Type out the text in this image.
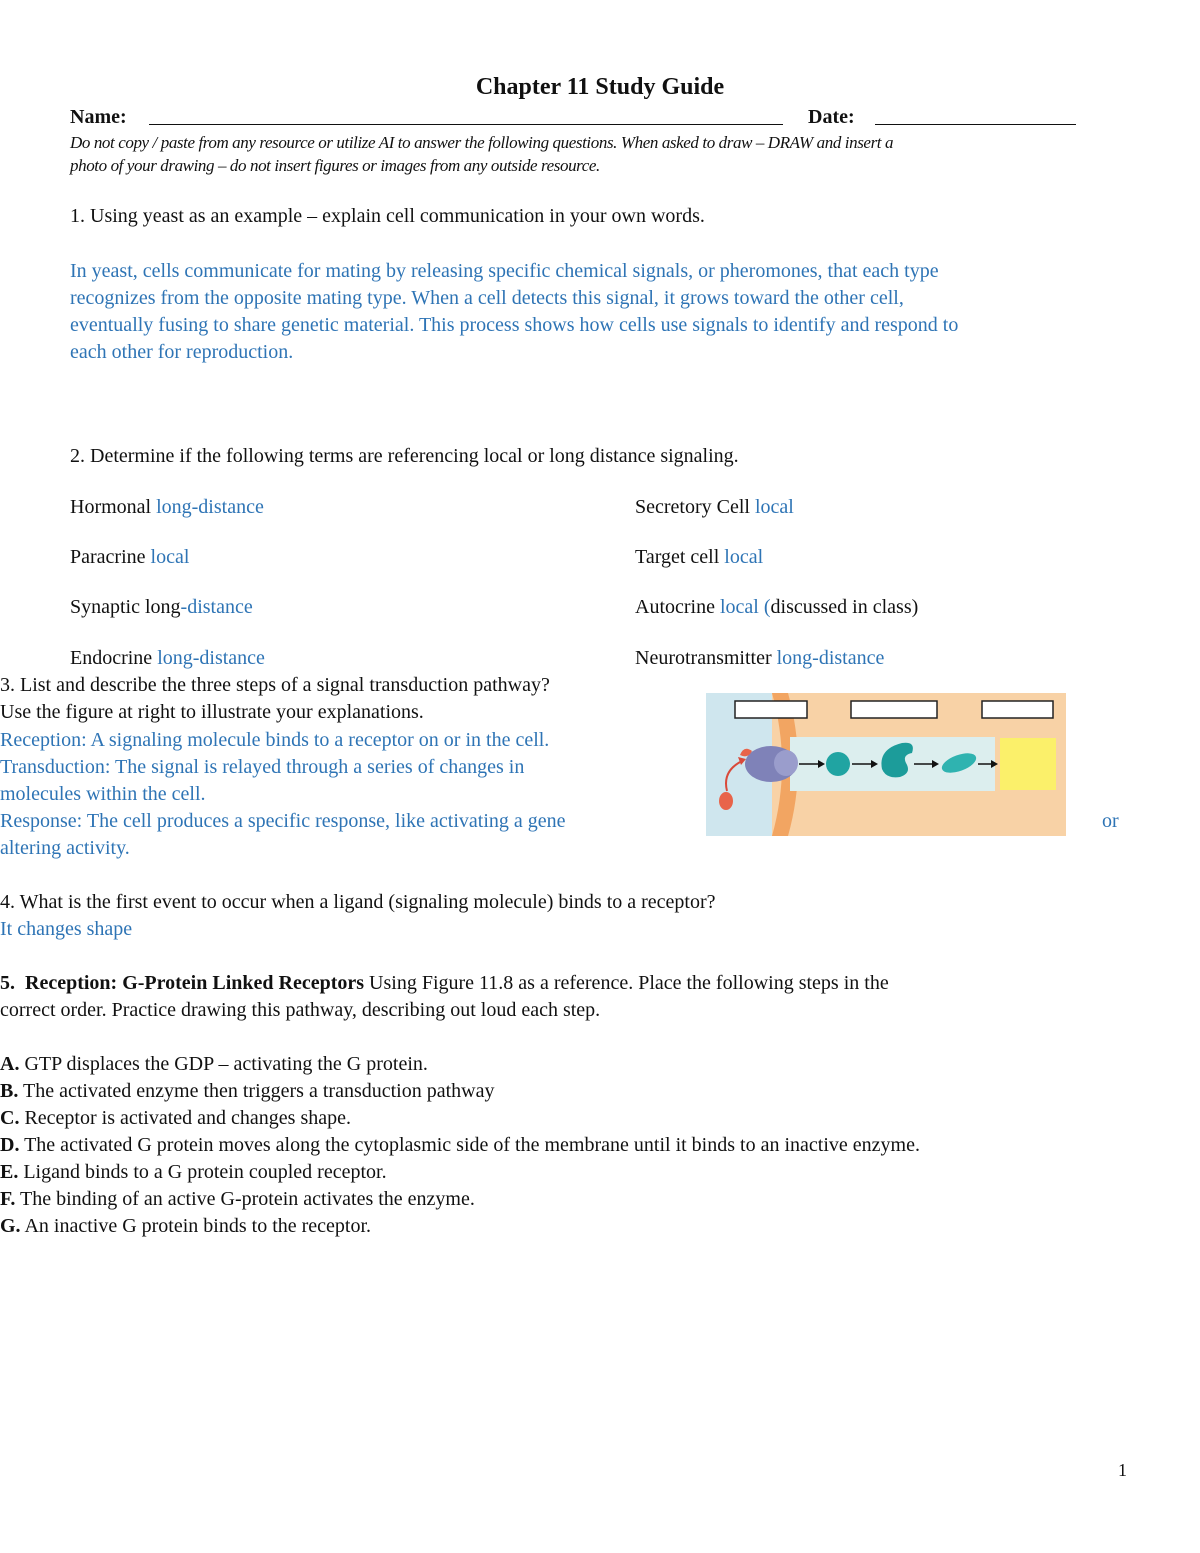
Chapter 11 Study Guide
Name:	Date:
Do not copy / paste from any resource or utilize AI to answer the following questions. When asked to draw – DRAW and insert a
photo of your drawing – do not insert figures or images from any outside resource.
1. Using yeast as an example – explain cell communication in your own words.
In yeast, cells communicate for mating by releasing specific chemical signals, or pheromones, that each type
recognizes from the opposite mating type. When a cell detects this signal, it grows toward the other cell,
eventually fusing to share genetic material. This process shows how cells use signals to identify and respond to
each other for reproduction.
2. Determine if the following terms are referencing local or long distance signaling.
Hormonal long-distance	Secretory Cell local
Paracrine local	Target cell local
Synaptic long-distance	Autocrine local (discussed in class)
Endocrine long-distance	Neurotransmitter long-distance
3. List and describe the three steps of a signal transduction pathway?
Use the figure at right to illustrate your explanations.
Reception: A signaling molecule binds to a receptor on or in the cell.
Transduction: The signal is relayed through a series of changes in
molecules within the cell.
Response: The cell produces a specific response, like activating a gene	or
altering activity.
4. What is the first event to occur when a ligand (signaling molecule) binds to a receptor?
It changes shape
5. Reception: G-Protein Linked Receptors Using Figure 11.8 as a reference. Place the following steps in the
correct order. Practice drawing this pathway, describing out loud each step.
A. GTP displaces the GDP – activating the G protein.
B. The activated enzyme then triggers a transduction pathway
C. Receptor is activated and changes shape.
D. The activated G protein moves along the cytoplasmic side of the membrane until it binds to an inactive enzyme.
E. Ligand binds to a G protein coupled receptor.
F. The binding of an active G-protein activates the enzyme.
G. An inactive G protein binds to the receptor.
1
